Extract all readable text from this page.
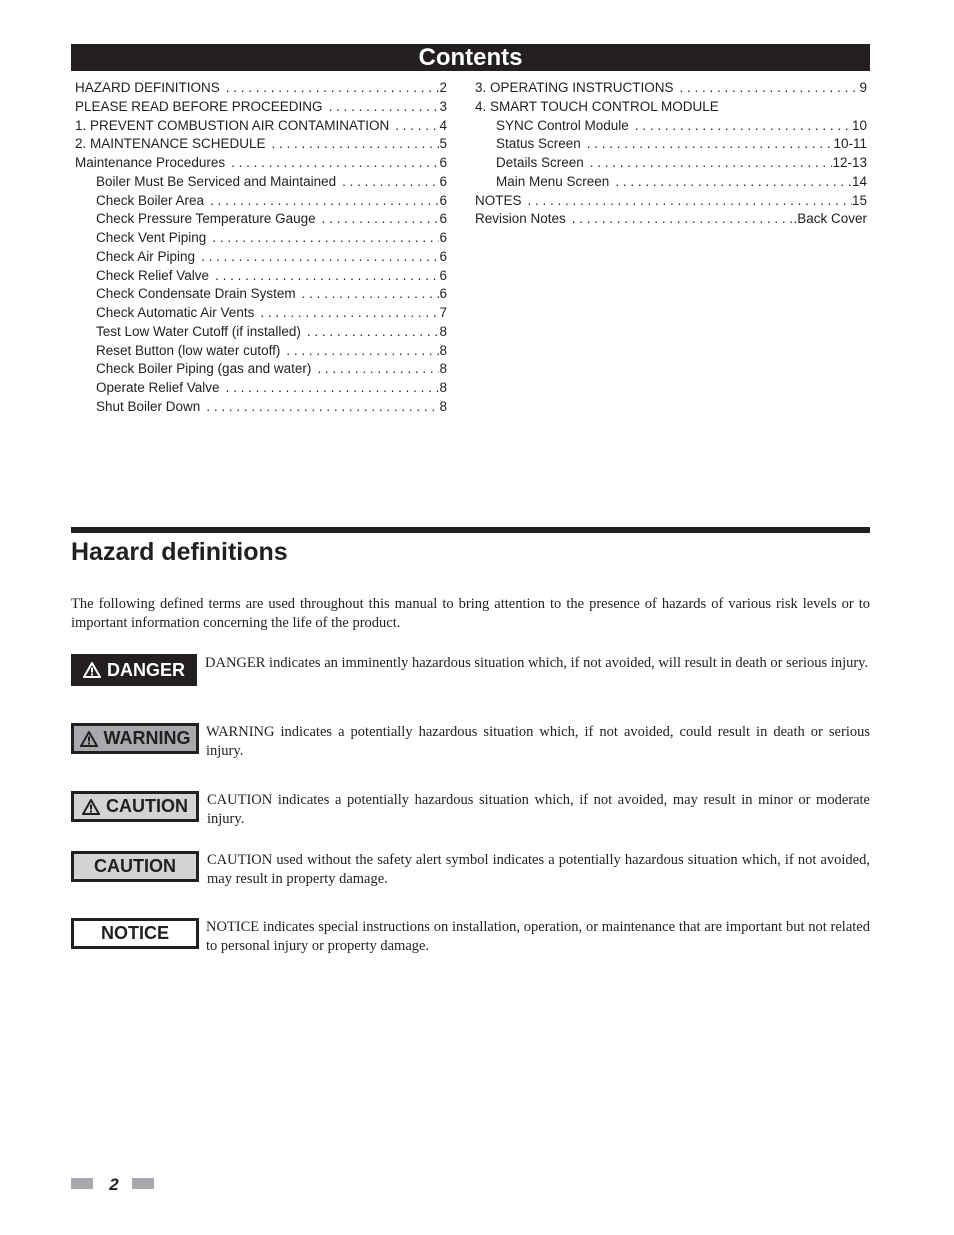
Contents
HAZARD DEFINITIONS . . .	2
PLEASE READ BEFORE PROCEEDING . . .	3
1. PREVENT COMBUSTION AIR CONTAMINATION . . .	4
2. MAINTENANCE SCHEDULE . . .	5
Maintenance Procedures . . .	6
Boiler Must Be Serviced and Maintained . . .	6
Check Boiler Area . . .	6
Check Pressure Temperature Gauge . . .	6
Check Vent Piping . . .	6
Check Air Piping . . .	6
Check Relief Valve . . .	6
Check Condensate Drain System . . .	6
Check Automatic Air Vents . . .	7
Test Low Water Cutoff (if installed) . . .	8
Reset Button (low water cutoff) . . .	8
Check Boiler Piping (gas and water) . . .	8
Operate Relief Valve . . .	8
Shut Boiler Down . . .	8
3. OPERATING INSTRUCTIONS . . .	9
4. SMART TOUCH CONTROL MODULE
SYNC Control Module . . .	10
Status Screen . . .	10-11
Details Screen . . .	12-13
Main Menu Screen . . .	14
NOTES . . .	15
Revision Notes . . .	.Back Cover
Hazard definitions

The following defined terms are used throughout this manual to bring attention to the presence of hazards of various risk levels or to important information concerning the life of the product.

DANGER DANGER indicates an imminently hazardous situation which, if not avoided, will result in death or serious injury.

WARNING WARNING indicates a potentially hazardous situation which, if not avoided, could result in death or serious injury.

CAUTION CAUTION indicates a potentially hazardous situation which, if not avoided, may result in minor or moderate injury.

CAUTION CAUTION used without the safety alert symbol indicates a potentially hazardous situation which, if not avoided, may result in property damage.

NOTICE	NOTICE indicates special instructions on installation, operation, or maintenance that are important but not related to personal injury or property damage.

2
